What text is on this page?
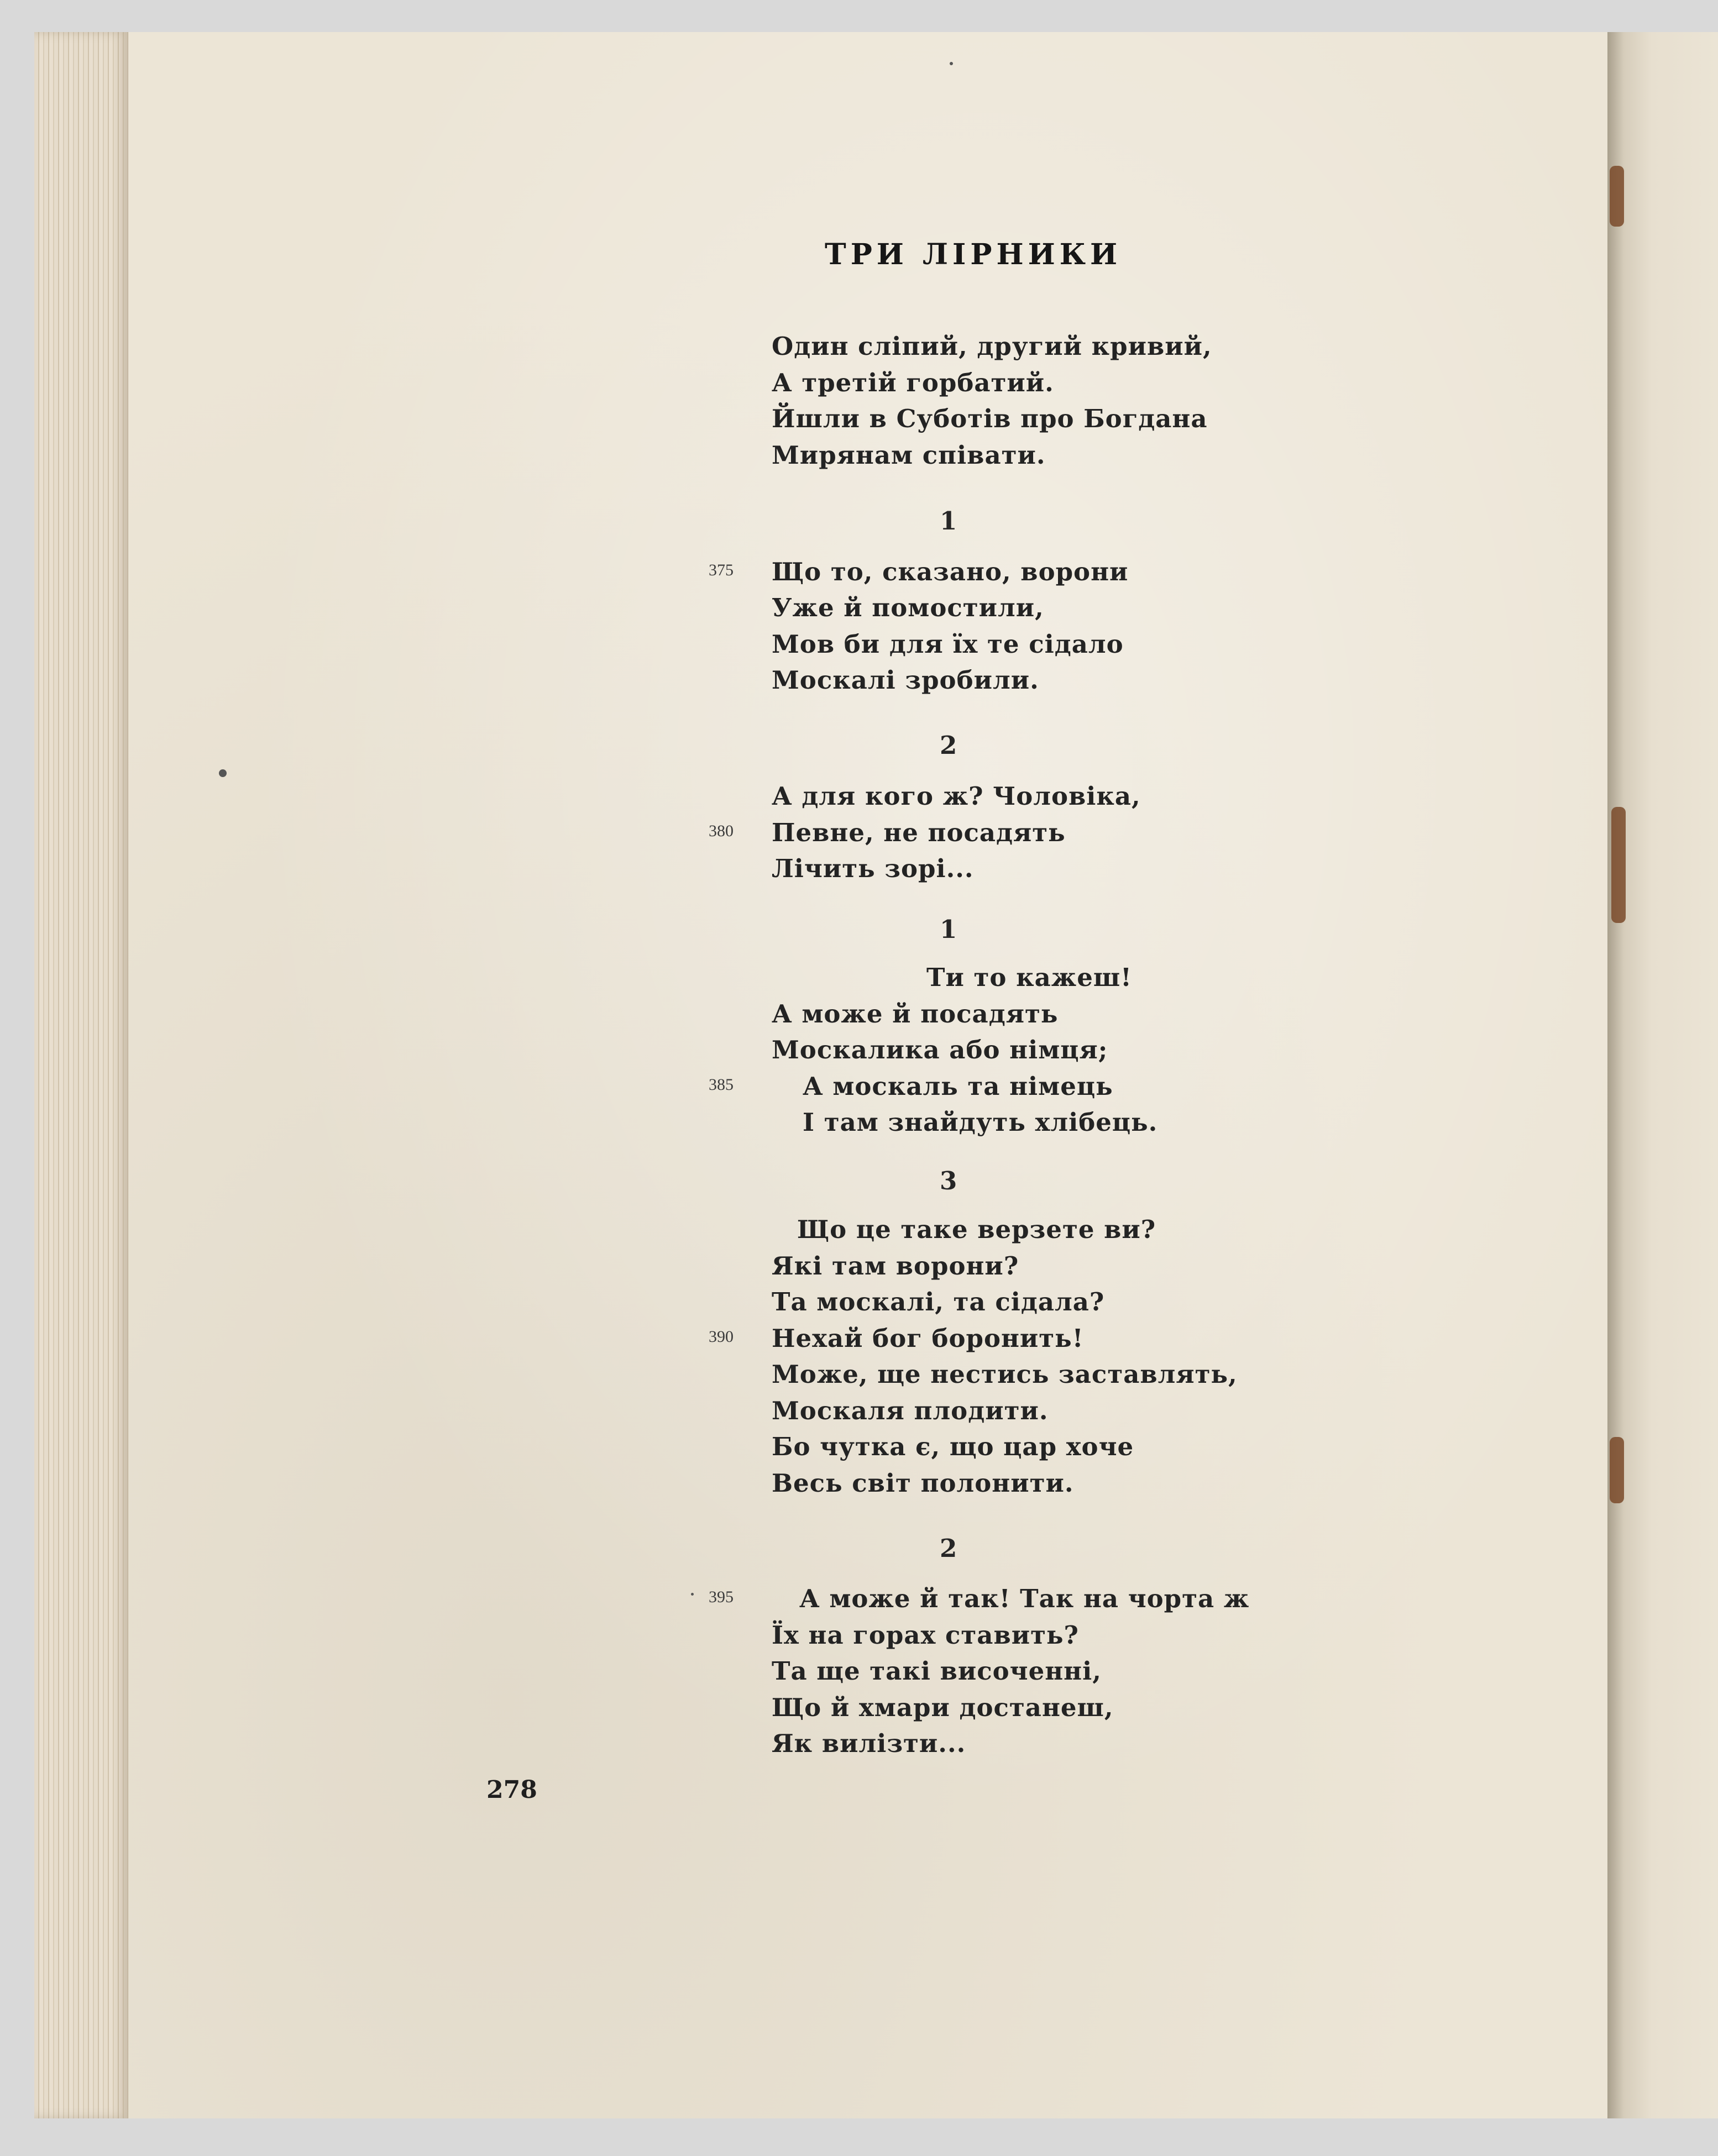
ТРИ ЛІРНИКИ
Один сліпий, другий кривий,
А третій горбатий.
Йшли в Суботів про Богдана
Мирянам співати.
1
375 Що то, сказано, ворони
Уже й помостили,
Мов би для їх те сідало
Москалі зробили.
2
А для кого ж? Чоловіка,
380 Певне, не посадять
Лічить зорі...
1
Ти то кажеш!
А може й посадять
Москалика або німця;
385	А москаль та німець
І там знайдуть хлібець.
3
Що це таке верзете ви?
Які там ворони?
Та москалі, та сідала?
390 Нехай бог боронить!
Може, ще нестись заставлять,
Москаля плодити.
Бо чутка є, що цар хоче
Весь світ полонити.
2
395	А може й так! Так на чорта ж
Їх на горах ставить?
Та ще такі височенні,
Що й хмари достанеш,
Як вилізти...
278
